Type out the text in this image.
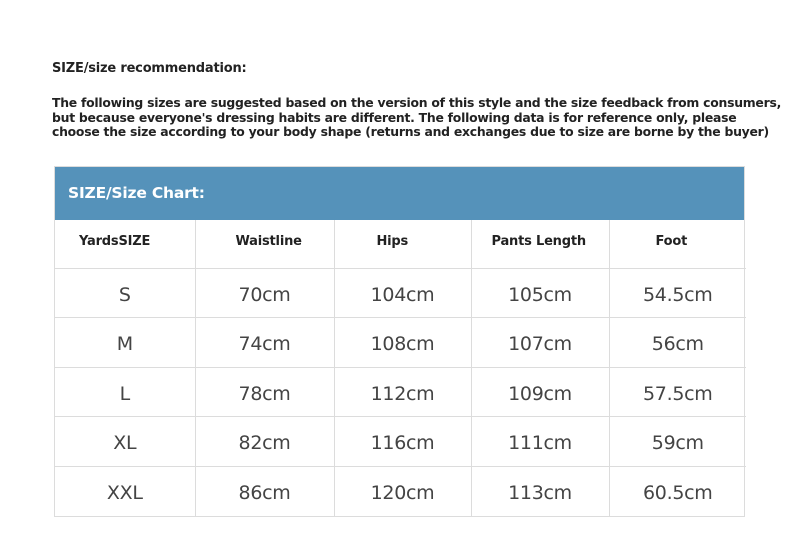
SIZE/size recommendation:
The following sizes are suggested based on the version of this style and the size feedback from consumers,
but because everyone's dressing habits are different. The following data is for reference only, please
choose the size according to your body shape (returns and exchanges due to size are borne by the buyer)
SIZE/Size Chart:
YardsSIZE	Waistline	Hips	Pants Length	Foot
S	70cm	104cm	105cm	54.5cm
M	74cm	108cm	107cm	56cm
L	78cm	112cm	109cm	57.5cm
XL	82cm	116cm	111cm	59cm
XXL	86cm	120cm	113cm	60.5cm
